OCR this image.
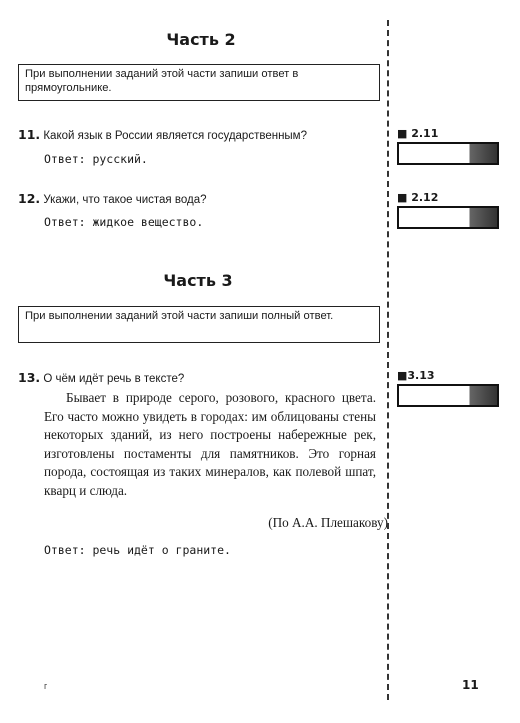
Часть 2
При выполнении заданий этой части запиши ответ в прямоугольнике.
11. Какой язык в России является государственным?
Ответ: русский.
12. Укажи, что такое чистая вода?
Ответ: жидкое вещество.
Часть 3
При выполнении заданий этой части запиши полный ответ.
13. О чём идёт речь в тексте?
Бывает в природе серого, розового, красного цвета. Его часто можно увидеть в городах: им облицованы стены некоторых зданий, из него построены набережные рек, изготовлены постаменты для памятников. Это горная порода, состоящая из таких минералов, как полевой шпат, кварц и слюда.
(По А.А. Плешакову)
Ответ: речь идёт о граните.
■ 2.11
■ 2.12
■3.13
г	11
